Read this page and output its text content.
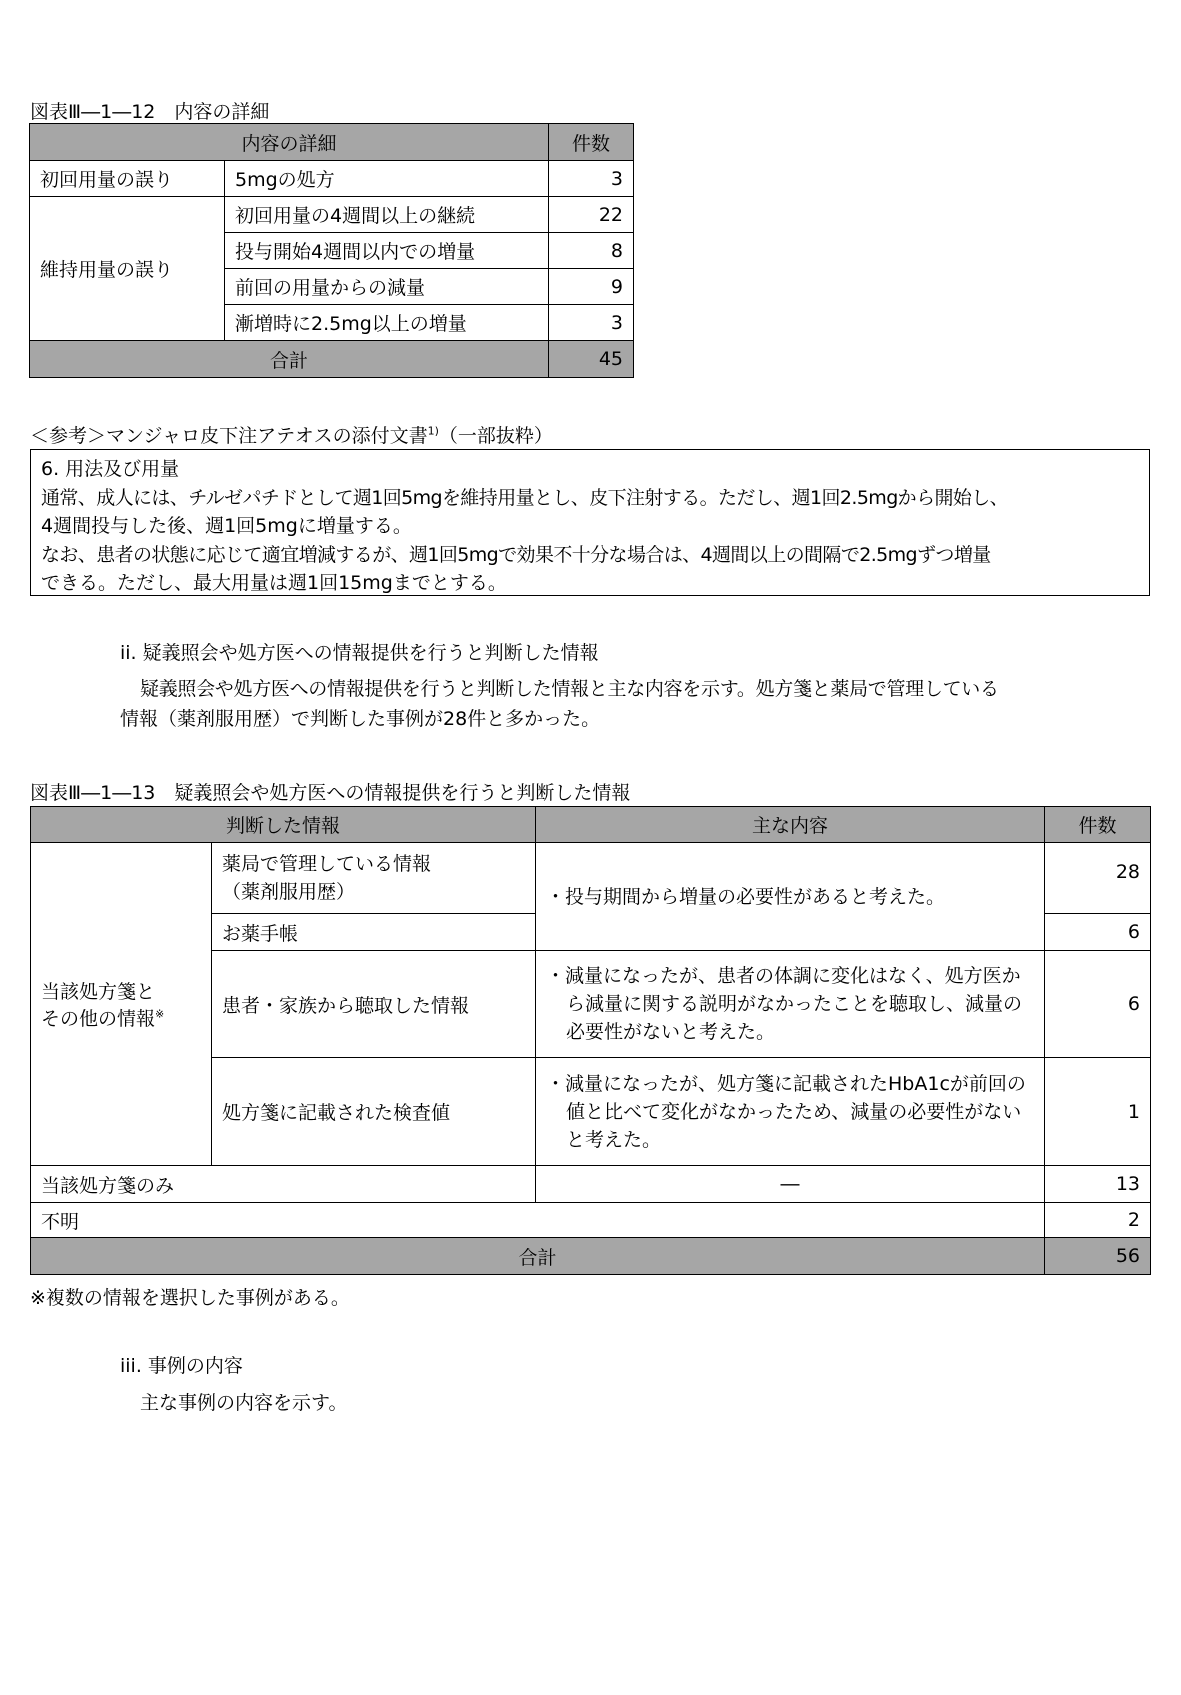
図表Ⅲ―1―12　内容の詳細
内容の詳細		件数
初回用量の誤り	5mgの処方	3
維持用量の誤り	初回用量の4週間以上の継続	22
	投与開始4週間以内での増量	8
	前回の用量からの減量	9
	漸増時に2.5mg以上の増量	3
合計		45
＜参考＞マンジャロ皮下注アテオスの添付文書$^{1)}$（一部抜粋）
6. 用法及び用量
通常、成人には、チルゼパチドとして週1回5mgを維持用量とし、皮下注射する。ただし、週1回2.5mgから開始し、
4週間投与した後、週1回5mgに増量する。
なお、患者の状態に応じて適宜増減するが、週1回5mgで効果不十分な場合は、4週間以上の間隔で2.5mgずつ増量
できる。ただし、最大用量は週1回15mgまでとする。
ii. 疑義照会や処方医への情報提供を行うと判断した情報
疑義照会や処方医への情報提供を行うと判断した情報と主な内容を示す。処方箋と薬局で管理している
情報（薬剤服用歴）で判断した事例が28件と多かった。
図表Ⅲ―1―13　疑義照会や処方医への情報提供を行うと判断した情報
判断した情報		主な内容	件数
当該処方箋と
その他の情報※	薬局で管理している情報
（薬剤服用歴）	・投与期間から増量の必要性があると考えた。	28
	お薬手帳		6
	患者・家族から聴取した情報	・減量になったが、患者の体調に変化はなく、処方医から減量に関する説明がなかったことを聴取し、減量の必要性がないと考えた。	6
	処方箋に記載された検査値	・減量になったが、処方箋に記載されたHbA1cが前回の値と比べて変化がなかったため、減量の必要性がないと考えた。	1
当該処方箋のみ		―	13
不明			2
合計			56
※複数の情報を選択した事例がある。
iii. 事例の内容
主な事例の内容を示す。
